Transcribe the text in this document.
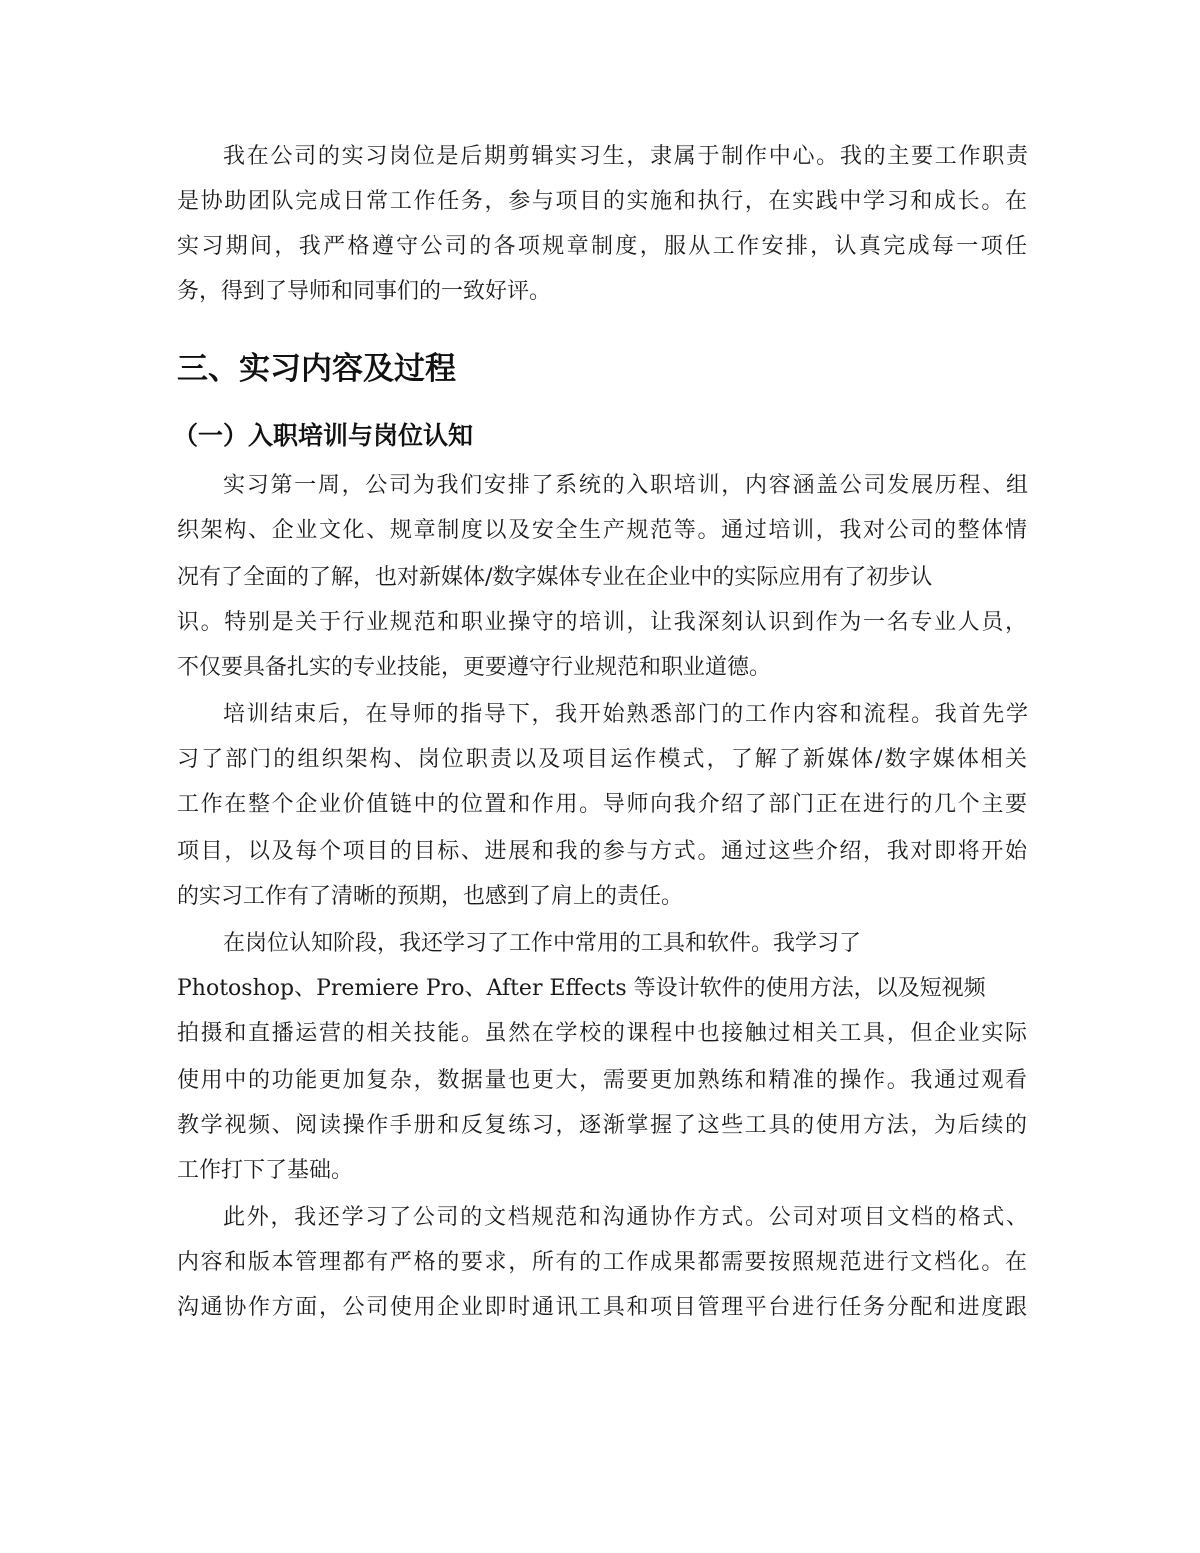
我在公司的实习岗位是后期剪辑实习生，隶属于制作中心。我的主要工作职责
是协助团队完成日常工作任务，参与项目的实施和执行，在实践中学习和成长。在
实习期间，我严格遵守公司的各项规章制度，服从工作安排，认真完成每一项任
务，得到了导师和同事们的一致好评。
三、实习内容及过程
（一）入职培训与岗位认知
实习第一周，公司为我们安排了系统的入职培训，内容涵盖公司发展历程、组
织架构、企业文化、规章制度以及安全生产规范等。通过培训，我对公司的整体情
况有了全面的了解，也对新媒体/数字媒体专业在企业中的实际应用有了初步认
识。特别是关于行业规范和职业操守的培训，让我深刻认识到作为一名专业人员，
不仅要具备扎实的专业技能，更要遵守行业规范和职业道德。
培训结束后，在导师的指导下，我开始熟悉部门的工作内容和流程。我首先学
习了部门的组织架构、岗位职责以及项目运作模式，了解了新媒体/数字媒体相关
工作在整个企业价值链中的位置和作用。导师向我介绍了部门正在进行的几个主要
项目，以及每个项目的目标、进展和我的参与方式。通过这些介绍，我对即将开始
的实习工作有了清晰的预期，也感到了肩上的责任。
在岗位认知阶段，我还学习了工作中常用的工具和软件。我学习了
Photoshop、Premiere Pro、After Effects 等设计软件的使用方法，以及短视频
拍摄和直播运营的相关技能。虽然在学校的课程中也接触过相关工具，但企业实际
使用中的功能更加复杂，数据量也更大，需要更加熟练和精准的操作。我通过观看
教学视频、阅读操作手册和反复练习，逐渐掌握了这些工具的使用方法，为后续的
工作打下了基础。
此外，我还学习了公司的文档规范和沟通协作方式。公司对项目文档的格式、
内容和版本管理都有严格的要求，所有的工作成果都需要按照规范进行文档化。在
沟通协作方面，公司使用企业即时通讯工具和项目管理平台进行任务分配和进度跟
